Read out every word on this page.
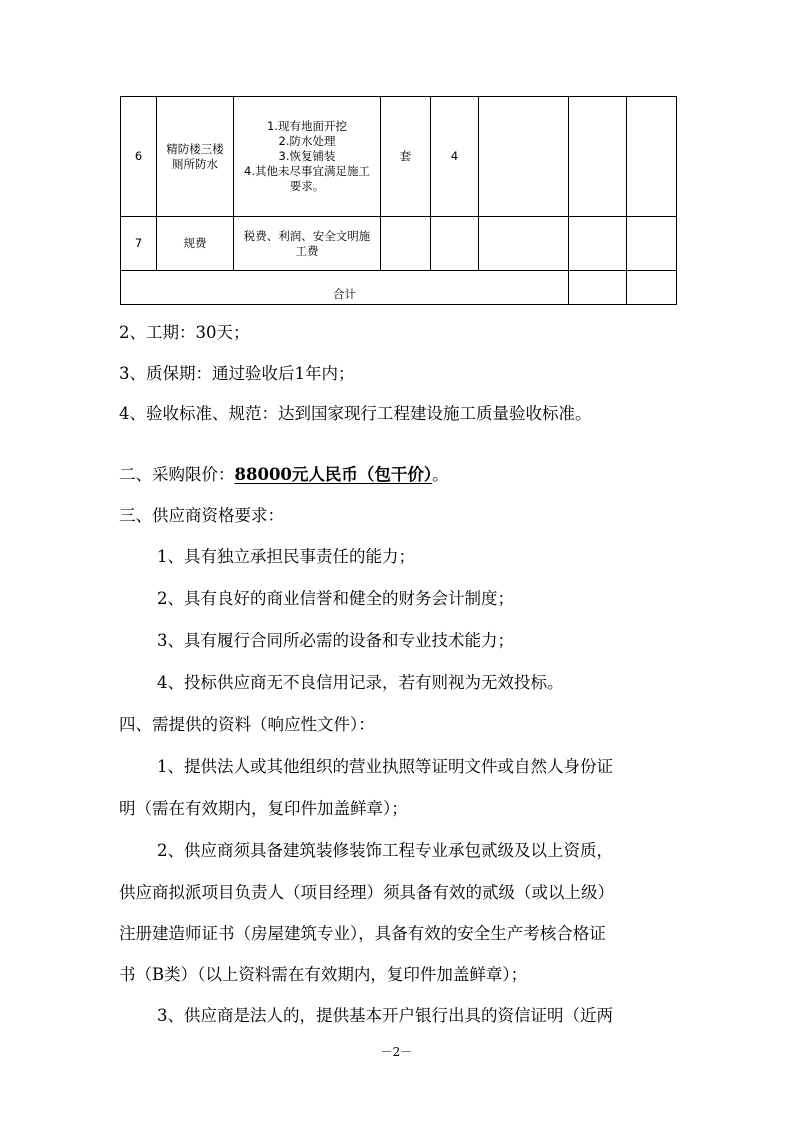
6	精防楼三楼厕所防水	1.现有地面开挖
2.防水处理
3.恢复铺装
4.其他未尽事宜满足施工要求。	套	4			
7	规费	税费、利润、安全文明施工费					
合计							
2、工期：30天；
3、质保期：通过验收后1年内；
4、验收标准、规范：达到国家现行工程建设施工质量验收标准。
二、采购限价：88000元人民币（包干价）。
三、供应商资格要求：
1、具有独立承担民事责任的能力；
2、具有良好的商业信誉和健全的财务会计制度；
3、具有履行合同所必需的设备和专业技术能力；
4、投标供应商无不良信用记录，若有则视为无效投标。
四、需提供的资料（响应性文件）：
1、提供法人或其他组织的营业执照等证明文件或自然人身份证
明（需在有效期内，复印件加盖鲜章）；
2、供应商须具备建筑装修装饰工程专业承包贰级及以上资质，
供应商拟派项目负责人（项目经理）须具备有效的贰级（或以上级）
注册建造师证书（房屋建筑专业），具备有效的安全生产考核合格证
书（B类）（以上资料需在有效期内，复印件加盖鲜章）；
3、供应商是法人的，提供基本开户银行出具的资信证明（近两
－2－
